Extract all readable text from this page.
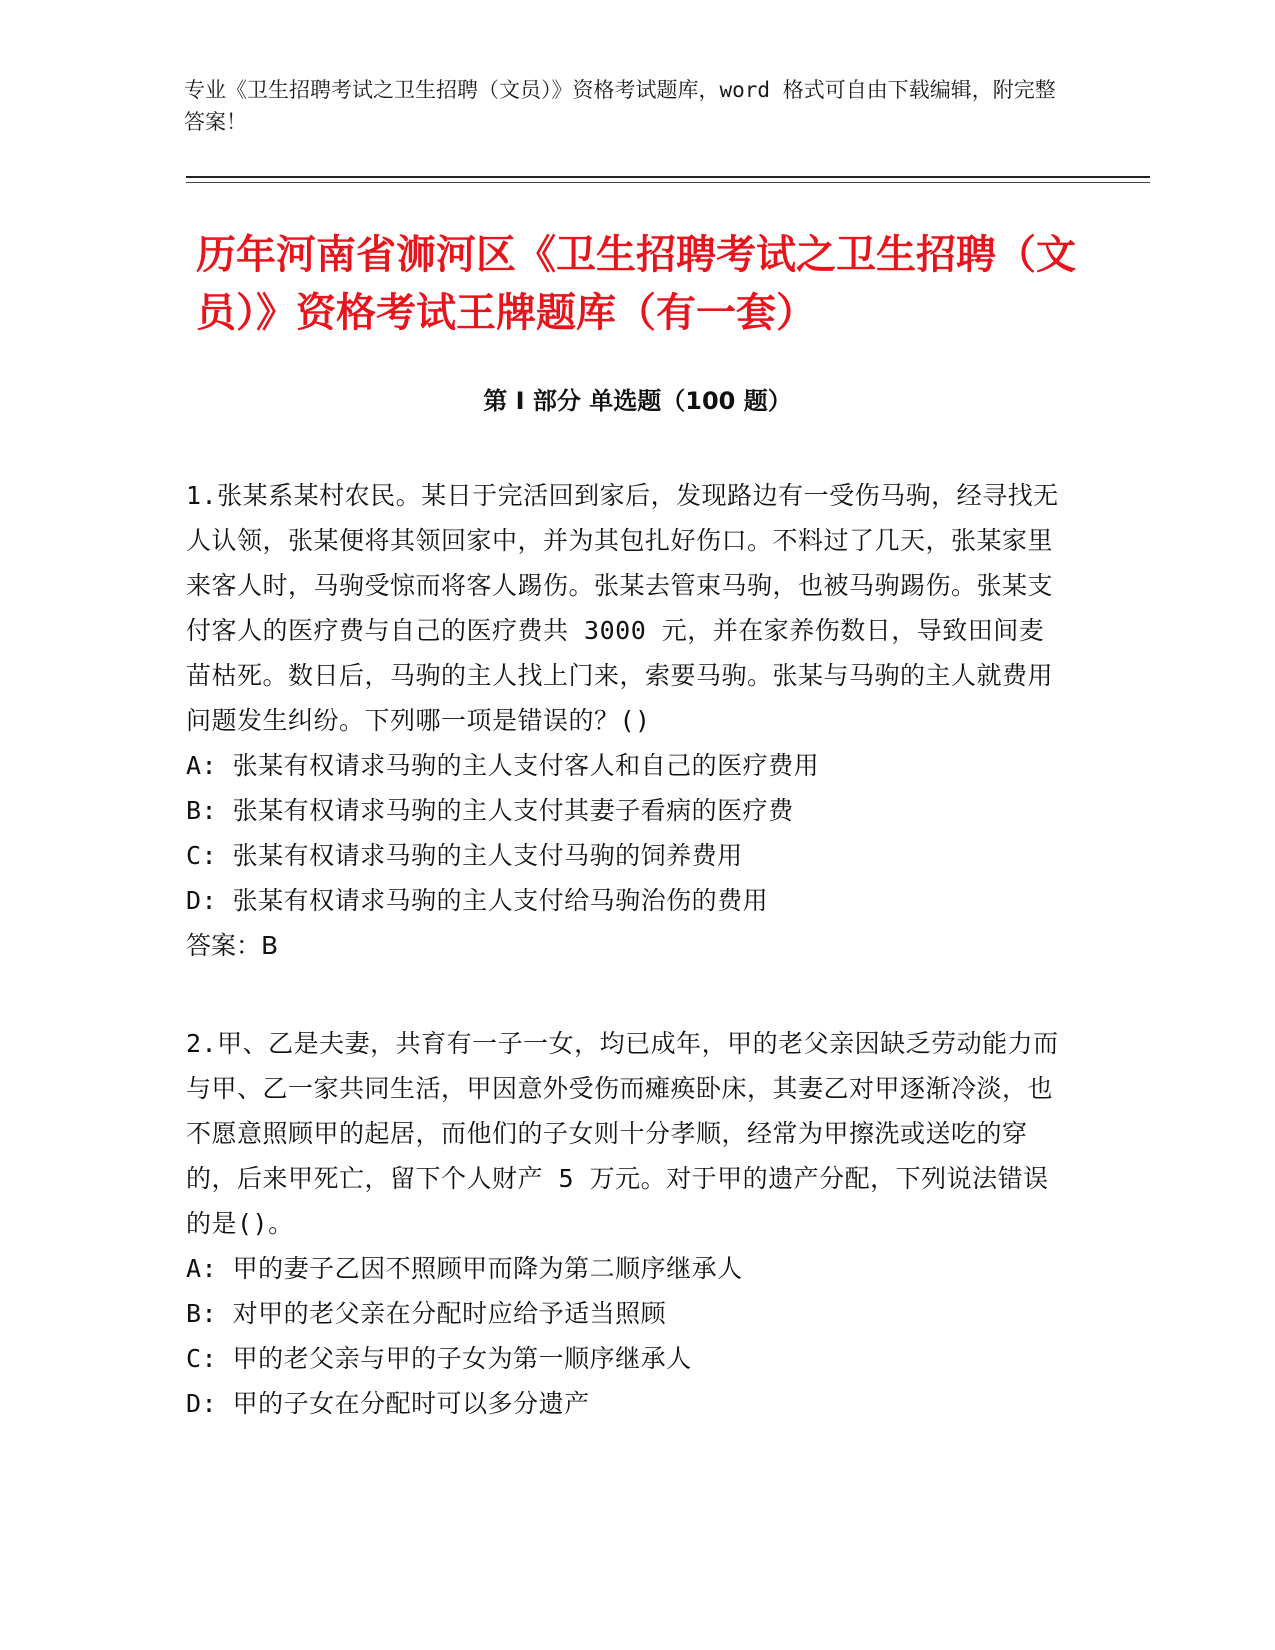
专业《卫生招聘考试之卫生招聘（文员）》资格考试题库，word 格式可自由下载编辑，附完整答案！

历年河南省浉河区《卫生招聘考试之卫生招聘（文员）》资格考试王牌题库（有一套）
第 I 部分 单选题（100 题）

1.张某系某村农民。某日于完活回到家后，发现路边有一受伤马驹，经寻找无人认领，张某便将其领回家中，并为其包扎好伤口。不料过了几天，张某家里来客人时，马驹受惊而将客人踢伤。张某去管束马驹，也被马驹踢伤。张某支付客人的医疗费与自己的医疗费共 3000 元，并在家养伤数日，导致田间麦苗枯死。数日后，马驹的主人找上门来，索要马驹。张某与马驹的主人就费用问题发生纠纷。下列哪一项是错误的？()

A: 张某有权请求马驹的主人支付客人和自己的医疗费用

B: 张某有权请求马驹的主人支付其妻子看病的医疗费

C: 张某有权请求马驹的主人支付马驹的饲养费用

D: 张某有权请求马驹的主人支付给马驹治伤的费用

答案：B

2.甲、乙是夫妻，共育有一子一女，均已成年，甲的老父亲因缺乏劳动能力而与甲、乙一家共同生活，甲因意外受伤而瘫痪卧床，其妻乙对甲逐渐冷淡，也不愿意照顾甲的起居，而他们的子女则十分孝顺，经常为甲擦洗或送吃的穿的，后来甲死亡，留下个人财产 5 万元。对于甲的遗产分配，下列说法错误的是()。

A: 甲的妻子乙因不照顾甲而降为第二顺序继承人

B: 对甲的老父亲在分配时应给予适当照顾

C: 甲的老父亲与甲的子女为第一顺序继承人

D: 甲的子女在分配时可以多分遗产
